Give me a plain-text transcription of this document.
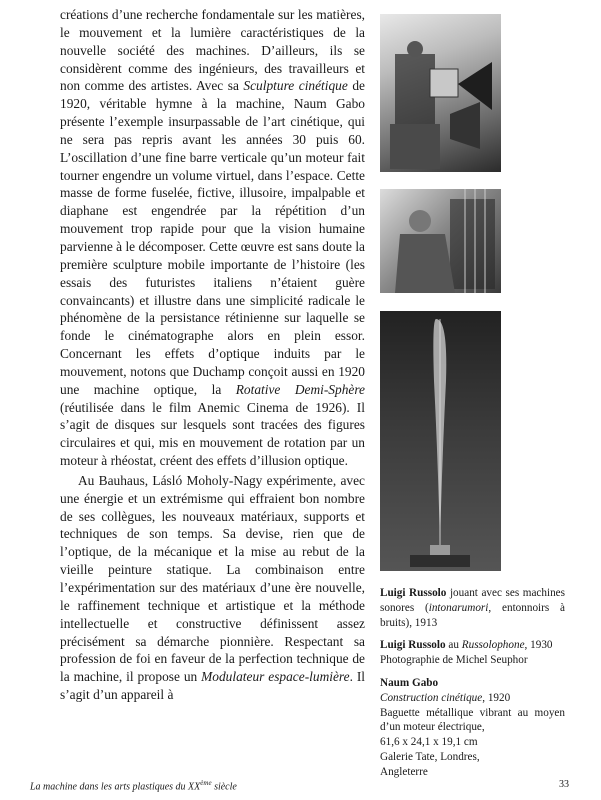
créations d’une recherche fondamentale sur les matières, le mouvement et la lumière caractéristiques de la nouvelle société des machines. D’ailleurs, ils se considèrent comme des ingénieurs, des travailleurs et non comme des artistes. Avec sa Sculpture cinétique de 1920, véritable hymne à la machine, Naum Gabo présente l’exemple insurpassable de l’art cinétique, qui ne sera pas repris avant les années 30 puis 60. L’oscillation d’une fine barre verticale qu’un moteur fait tourner engendre un volume virtuel, dans l’espace. Cette masse de forme fuselée, fictive, illusoire, impalpable et diaphane est engendrée par la répétition d’un mouvement trop rapide pour que la vision humaine parvienne à le décomposer. Cette œuvre est sans doute la première sculpture mobile importante de l’histoire (les essais des futuristes italiens n’étaient guère convaincants) et illustre dans une simplicité radicale le phénomène de la persistance rétinienne sur laquelle se fonde le cinématographe alors en plein essor. Concernant les effets d’optique induits par le mouvement, notons que Duchamp conçoit aussi en 1920 une machine optique, la Rotative Demi-Sphère (réutilisée dans le film Anemic Cinema de 1926). Il s’agit de disques sur lesquels sont tracées des figures circulaires et qui, mis en mouvement de rotation par un moteur à rhéostat, créent des effets d’illusion optique.

Au Bauhaus, Lásló Moholy-Nagy expérimente, avec une énergie et un extrémisme qui effraient bon nombre de ses collègues, les nouveaux matériaux, supports et techniques de son temps. Sa devise, rien que de l’optique, de la mécanique et la mise au rebut de la vieille peinture statique. La combinaison entre l’expérimentation sur des matériaux d’une ère nouvelle, le raffinement technique et artistique et la méthode intellectuelle et constructive définissent assez précisément sa démarche pionnière. Respectant sa profession de foi en faveur de la perfection technique de la machine, il propose un Modulateur espace-lumière. Il s’agit d’un appareil à

Luigi Russolo jouant avec ses machines sonores (intonarumori, entonnoirs à bruits), 1913

Luigi Russolo au Russolophone, 1930
Photographie de Michel Seuphor

Naum Gabo
Construction cinétique, 1920
Baguette métallique vibrant au moyen d’un moteur électrique,
61,6 x 24,1 x 19,1 cm
Galerie Tate, Londres,
Angleterre

La machine dans les arts plastiques du XXème siècle	33
